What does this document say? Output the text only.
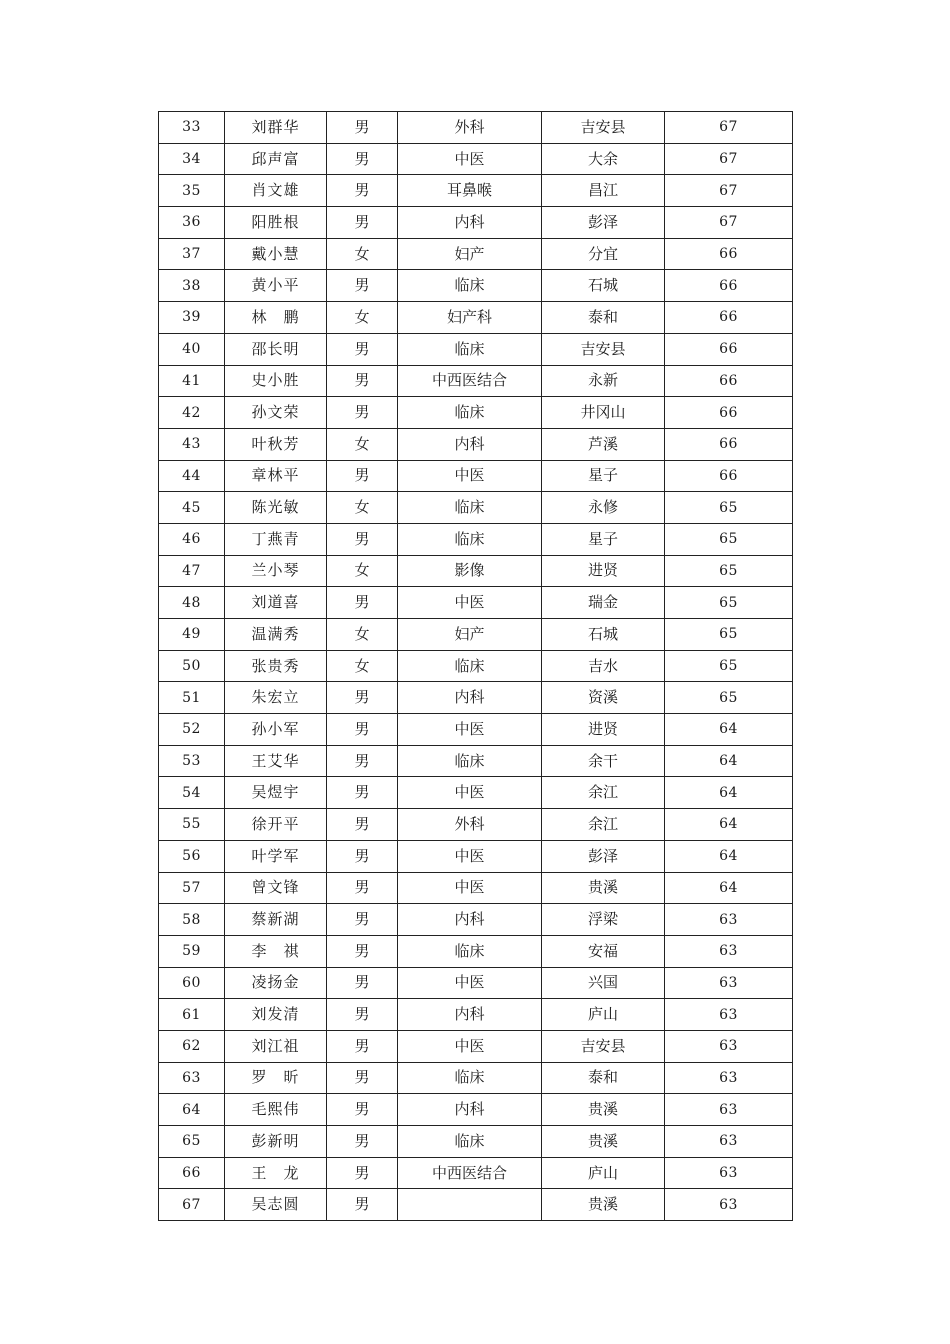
33	刘群华	男	外科	吉安县	67
34	邱声富	男	中医	大余	67
35	肖文雄	男	耳鼻喉	昌江	67
36	阳胜根	男	内科	彭泽	67
37	戴小慧	女	妇产	分宜	66
38	黄小平	男	临床	石城	66
39	林　鹏	女	妇产科	泰和	66
40	邵长明	男	临床	吉安县	66
41	史小胜	男	中西医结合	永新	66
42	孙文荣	男	临床	井冈山	66
43	叶秋芳	女	内科	芦溪	66
44	章林平	男	中医	星子	66
45	陈光敏	女	临床	永修	65
46	丁燕青	男	临床	星子	65
47	兰小琴	女	影像	进贤	65
48	刘道喜	男	中医	瑞金	65
49	温满秀	女	妇产	石城	65
50	张贵秀	女	临床	吉水	65
51	朱宏立	男	内科	资溪	65
52	孙小军	男	中医	进贤	64
53	王艾华	男	临床	余干	64
54	吴煜宇	男	中医	余江	64
55	徐开平	男	外科	余江	64
56	叶学军	男	中医	彭泽	64
57	曾文锋	男	中医	贵溪	64
58	蔡新湖	男	内科	浮梁	63
59	李　祺	男	临床	安福	63
60	凌扬金	男	中医	兴国	63
61	刘发清	男	内科	庐山	63
62	刘江祖	男	中医	吉安县	63
63	罗　昕	男	临床	泰和	63
64	毛熙伟	男	内科	贵溪	63
65	彭新明	男	临床	贵溪	63
66	王　龙	男	中西医结合	庐山	63
67	吴志圆	男		贵溪	63
